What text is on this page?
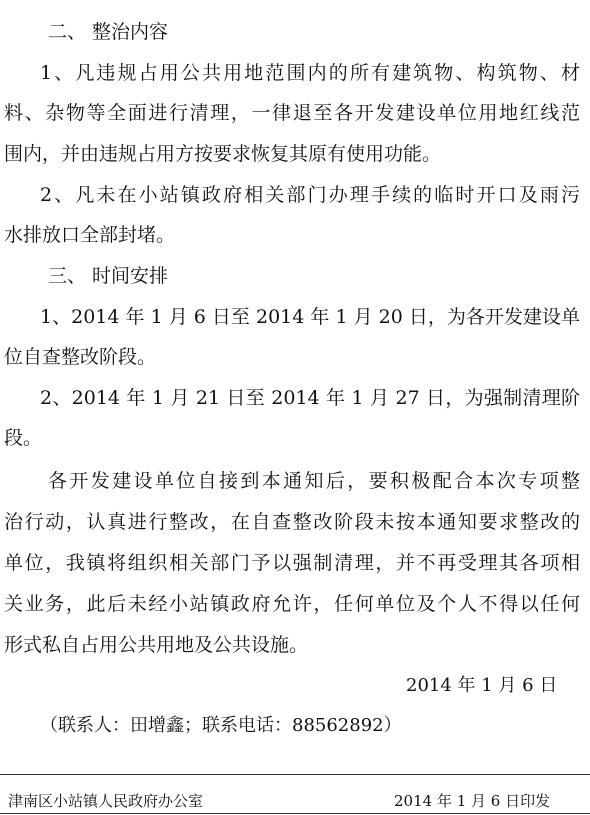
二、 整治内容
1、凡违规占用公共用地范围内的所有建筑物、构筑物、材
料、杂物等全面进行清理，一律退至各开发建设单位用地红线范
围内，并由违规占用方按要求恢复其原有使用功能。
2、凡未在小站镇政府相关部门办理手续的临时开口及雨污
水排放口全部封堵。
三、 时间安排
1、2014 年 1 月 6 日至 2014 年 1 月 20 日，为各开发建设单
位自查整改阶段。
2、2014 年 1 月 21 日至 2014 年 1 月 27 日，为强制清理阶
段。
各开发建设单位自接到本通知后，要积极配合本次专项整
治行动，认真进行整改，在自查整改阶段未按本通知要求整改的
单位，我镇将组织相关部门予以强制清理，并不再受理其各项相
关业务，此后未经小站镇政府允许，任何单位及个人不得以任何
形式私自占用公共用地及公共设施。
2014 年 1 月 6 日
（联系人：田增鑫；联系电话：88562892）
津南区小站镇人民政府办公室	2014 年 1 月 6 日印发
